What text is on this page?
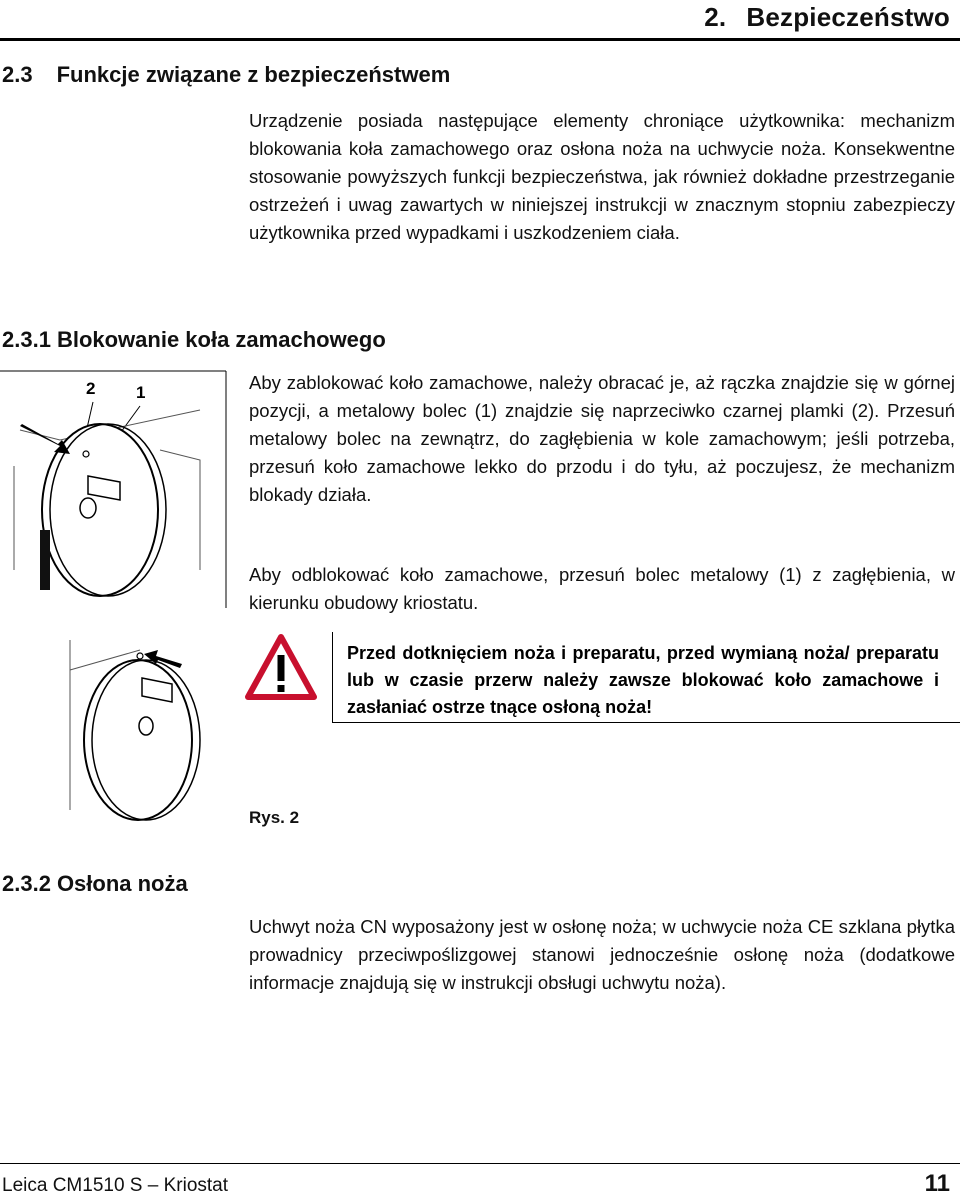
2. Bezpieczeństwo
2.3 Funkcje związane z bezpieczeństwem

Urządzenie posiada następujące elementy chroniące użytkownika: mechanizm blokowania koła zamachowego oraz osłona noża na uchwycie noża. Konsekwentne stosowanie powyższych funkcji bezpieczeństwa, jak również dokładne przestrzeganie ostrzeżeń i uwag zawartych w niniejszej instrukcji w znacznym stopniu zabezpieczy użytkownika przed wypadkami i uszkodzeniem ciała.

2.3.1 Blokowanie koła zamachowego
2 1	Aby zablokować koło zamachowe, należy obracać je, aż rączka znajdzie się w górnej pozycji, a metalowy bolec (1) znajdzie się naprzeciwko czarnej plamki (2). Przesuń metalowy bolec na zewnątrz, do zagłębienia w kole zamachowym; jeśli potrzeba, przesuń koło zamachowe lekko do przodu i do tyłu, aż poczujesz, że mechanizm blokady działa.

Aby odblokować koło zamachowe, przesuń bolec metalowy (1) z zagłębienia, w kierunku obudowy kriostatu.

Przed dotknięciem noża i preparatu, przed wymianą noża/ preparatu lub w czasie przerw należy zawsze blokować koło zamachowe i zasłaniać ostrze tnące osłoną noża!
Rys. 2
2.3.2 Osłona noża

Uchwyt noża CN wyposażony jest w osłonę noża; w uchwycie noża CE szklana płytka prowadnicy przeciwpoślizgowej stanowi jednocześnie osłonę noża (dodatkowe informacje znajdują się w instrukcji obsługi uchwytu noża).

Leica CM1510 S – Kriostat	11
